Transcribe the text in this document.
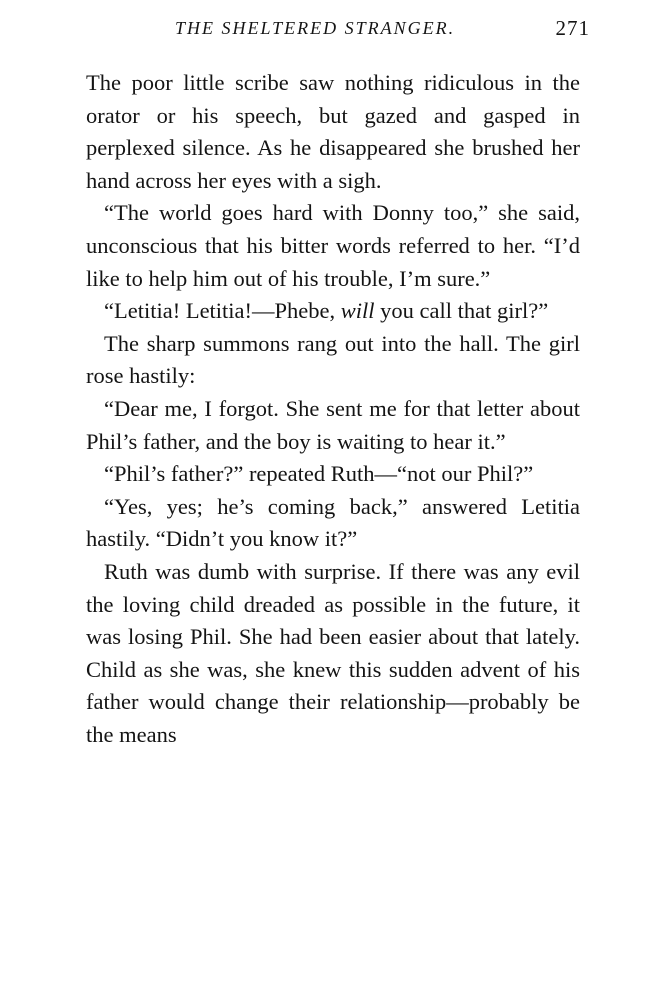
THE SHELTERED STRANGER.	271

The poor little scribe saw nothing ridiculous in the orator or his speech, but gazed and gasped in perplexed silence. As he disappeared she brushed her hand across her eyes with a sigh.

“The world goes hard with Donny too,” she said, unconscious that his bitter words referred to her. “I’d like to help him out of his trouble, I’m sure.”

“Letitia! Letitia!—Phebe, will you call that girl?”

The sharp summons rang out into the hall. The girl rose hastily:

“Dear me, I forgot. She sent me for that letter about Phil’s father, and the boy is waiting to hear it.”

“Phil’s father?” repeated Ruth—“not our Phil?”

“Yes, yes; he’s coming back,” answered Letitia hastily. “Didn’t you know it?”

Ruth was dumb with surprise. If there was any evil the loving child dreaded as possible in the future, it was losing Phil. She had been easier about that lately. Child as she was, she knew this sudden advent of his father would change their relationship—probably be the means
